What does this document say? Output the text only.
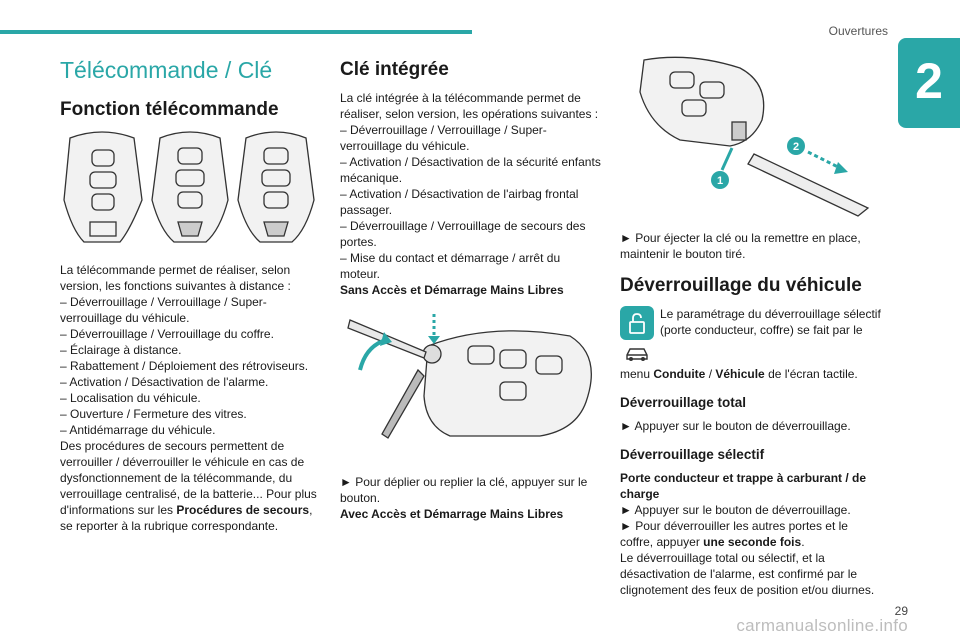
Ouvertures
2
Télécommande / Clé
Fonction télécommande

La télécommande permet de réaliser, selon version, les fonctions suivantes à distance :

– Déverrouillage / Verrouillage / Super-verrouillage du véhicule.

– Déverrouillage / Verrouillage du coffre.

– Éclairage à distance.

– Rabattement / Déploiement des rétroviseurs.

– Activation / Désactivation de l'alarme.

– Localisation du véhicule.

– Ouverture / Fermeture des vitres.

– Antidémarrage du véhicule.

Des procédures de secours permettent de verrouiller / déverrouiller le véhicule en cas de dysfonctionnement de la télécommande, du verrouillage centralisé, de la batterie... Pour plus d'informations sur les Procédures de secours, se reporter à la rubrique correspondante.

Clé intégrée

La clé intégrée à la télécommande permet de réaliser, selon version, les opérations suivantes :

– Déverrouillage / Verrouillage / Super-verrouillage du véhicule.

– Activation / Désactivation de la sécurité enfants mécanique.

– Activation / Désactivation de l'airbag frontal passager.

– Déverrouillage / Verrouillage de secours des portes.

– Mise du contact et démarrage / arrêt du moteur.

Sans Accès et Démarrage Mains Libres

► Pour déplier ou replier la clé, appuyer sur le bouton.

Avec Accès et Démarrage Mains Libres

1
2

► Pour éjecter la clé ou la remettre en place, maintenir le bouton tiré.

Déverrouillage du véhicule

Le paramétrage du déverrouillage sélectif (porte conducteur, coffre) se fait par le

menu Conduite / Véhicule de l'écran tactile.

Déverrouillage total

► Appuyer sur le bouton de déverrouillage.

Déverrouillage sélectif

Porte conducteur et trappe à carburant / de charge

► Appuyer sur le bouton de déverrouillage.

► Pour déverrouiller les autres portes et le coffre, appuyer une seconde fois.

Le déverrouillage total ou sélectif, et la désactivation de l'alarme, est confirmé par le clignotement des feux de position et/ou diurnes.

carmanualsonline.info
29
